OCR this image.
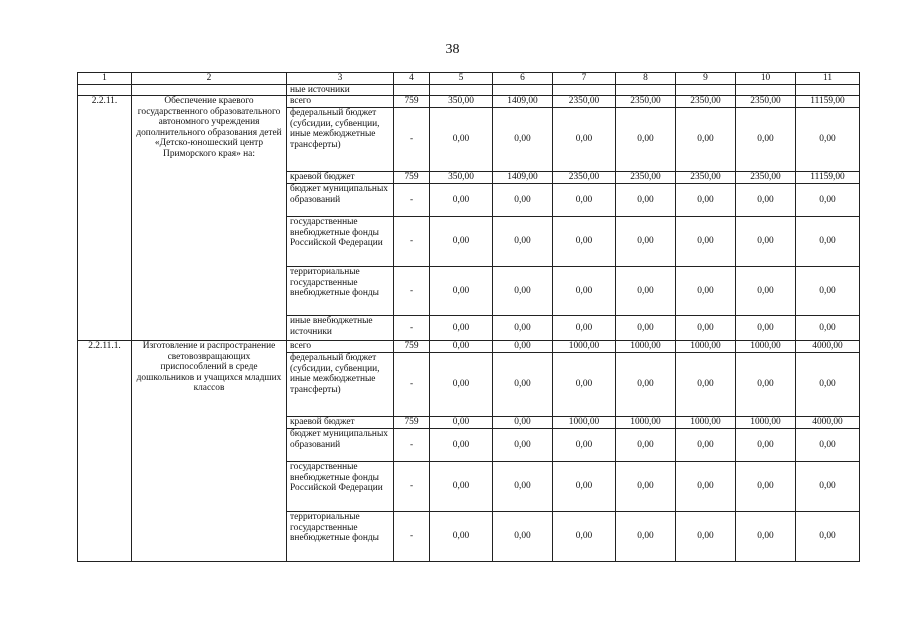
38
1	2	3	4	5	6	7	8	9	10	11
		ные источники								
2.2.11.	Обеспечение краевого государственного образовательного автономного учреждения дополнительного образования детей «Детско-юношеский центр Приморского края» на:	всего	759	350,00	1409,00	2350,00	2350,00	2350,00	2350,00	11159,00
		федеральный бюджет (субсидии, субвенции, иные межбюджетные трансферты)	-	0,00	0,00	0,00	0,00	0,00	0,00	0,00
		краевой бюджет	759	350,00	1409,00	2350,00	2350,00	2350,00	2350,00	11159,00
		бюджет муниципальных образований	-	0,00	0,00	0,00	0,00	0,00	0,00	0,00
		государственные внебюджетные фонды Российской Федерации	-	0,00	0,00	0,00	0,00	0,00	0,00	0,00
		территориальные государственные внебюджетные фонды	-	0,00	0,00	0,00	0,00	0,00	0,00	0,00
		иные внебюджетные источники	-	0,00	0,00	0,00	0,00	0,00	0,00	0,00
2.2.11.1.	Изготовление и распространение световозвращающих приспособлений в среде дошкольников и учащихся младших классов	всего	759	0,00	0,00	1000,00	1000,00	1000,00	1000,00	4000,00
		федеральный бюджет (субсидии, субвенции, иные межбюджетные трансферты)	-	0,00	0,00	0,00	0,00	0,00	0,00	0,00
		краевой бюджет	759	0,00	0,00	1000,00	1000,00	1000,00	1000,00	4000,00
		бюджет муниципальных образований	-	0,00	0,00	0,00	0,00	0,00	0,00	0,00
		государственные внебюджетные фонды Российской Федерации	-	0,00	0,00	0,00	0,00	0,00	0,00	0,00
		территориальные государственные внебюджетные фонды	-	0,00	0,00	0,00	0,00	0,00	0,00	0,00
